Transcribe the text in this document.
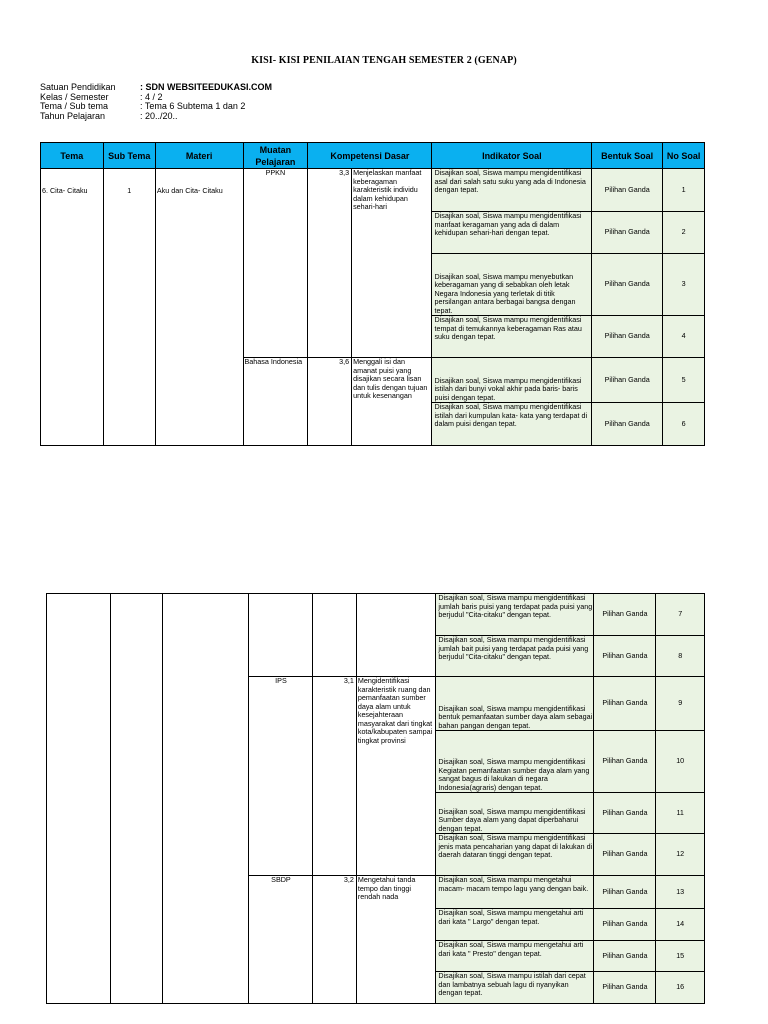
KISI- KISI PENILAIAN TENGAH SEMESTER 2 (GENAP)
Satuan Pendidikan	: SDN WEBSITEEDUKASI.COM
Kelas / Semester	: 4 / 2
Tema / Sub tema	: Tema 6 Subtema 1 dan 2
Tahun Pelajaran	: 20../20..
Tema	Sub Tema	Materi	Muatan Pelajaran	Kompetensi Dasar		Indikator Soal	Bentuk Soal	No Soal
6. Cita- Citaku	1	Aku dan Cita- Citaku	PPKN	3,3	Menjelaskan manfaat keberagaman karakteristik individu dalam kehidupan sehari-hari	Disajikan soal, Siswa mampu mengidentifikasi asal dari salah satu suku yang ada di Indonesia dengan tepat.	Pilihan Ganda	1

						Disajikan soal, Siswa mampu mengidentifikasi manfaat keragaman yang ada di dalam kehidupan sehari-hari dengan tepat.	Pilihan Ganda	2

						Disajikan soal, Siswa mampu menyebutkan keberagaman yang di sebabkan oleh letak Negara Indonesia yang terletak di titik persilangan antara berbagai bangsa dengan tepat.	Pilihan Ganda	3

						Disajikan soal, Siswa mampu mengidentifikasi tempat di temukannya keberagaman Ras atau suku dengan tepat.	Pilihan Ganda	4
			Bahasa Indonesia	3,6	Menggali isi dan amanat puisi yang disajikan secara lisan dan tulis dengan tujuan untuk kesenangan	Disajikan soal, Siswa mampu mengidentifikasi istilah dari bunyi vokal akhir pada baris- baris puisi dengan tepat.	Pilihan Ganda	5

						Disajikan soal, Siswa mampu mengidentifikasi istilah dari kumpulan kata- kata yang terdapat di dalam puisi dengan tepat.	Pilihan Ganda	6

						Disajikan soal, Siswa mampu mengidentifikasi jumlah baris puisi yang terdapat pada puisi yang berjudul "Cita-citaku" dengan tepat.	Pilihan Ganda	7

						Disajikan soal, Siswa mampu mengidentifikasi jumlah bait puisi yang terdapat pada puisi yang berjudul "Cita-citaku" dengan tepat.	Pilihan Ganda	8
			IPS	3,1	Mengidentifikasi karakteristik ruang dan pemanfaatan sumber daya alam untuk kesejahteraan masyarakat dari tingkat kota/kabupaten sampai tingkat provinsi	Disajikan soal, Siswa mampu mengidentifikasi bentuk pemanfaatan sumber daya alam sebagai bahan pangan dengan tepat.	Pilihan Ganda	9

						Disajikan soal, Siswa mampu mengidentifikasi Kegiatan pemanfaatan sumber daya alam yang sangat bagus di lakukan di negara Indonesia(agraris) dengan tepat.	Pilihan Ganda	10

						Disajikan soal, Siswa mampu mengidentifikasi Sumber daya alam yang dapat diperbaharui dengan tepat.	Pilihan Ganda	11

						Disajikan soal, Siswa mampu mengidentifikasi jenis mata pencaharian yang dapat di lakukan di daerah dataran tinggi dengan tepat.	Pilihan Ganda	12
			SBDP	3,2	Mengetahui tanda tempo dan tinggi rendah nada	Disajikan soal, Siswa mampu mengetahui macam- macam tempo lagu yang dengan baik.	Pilihan Ganda	13

						Disajikan soal, Siswa mampu mengetahui arti dari kata " Largo" dengan tepat.	Pilihan Ganda	14

						Disajikan soal, Siswa mampu mengetahui arti dari kata " Presto" dengan tepat.	Pilihan Ganda	15

						Disajikan soal, Siswa mampu istilah dari cepat dan lambatnya sebuah lagu di nyanyikan dengan tepat.	Pilihan Ganda	16
